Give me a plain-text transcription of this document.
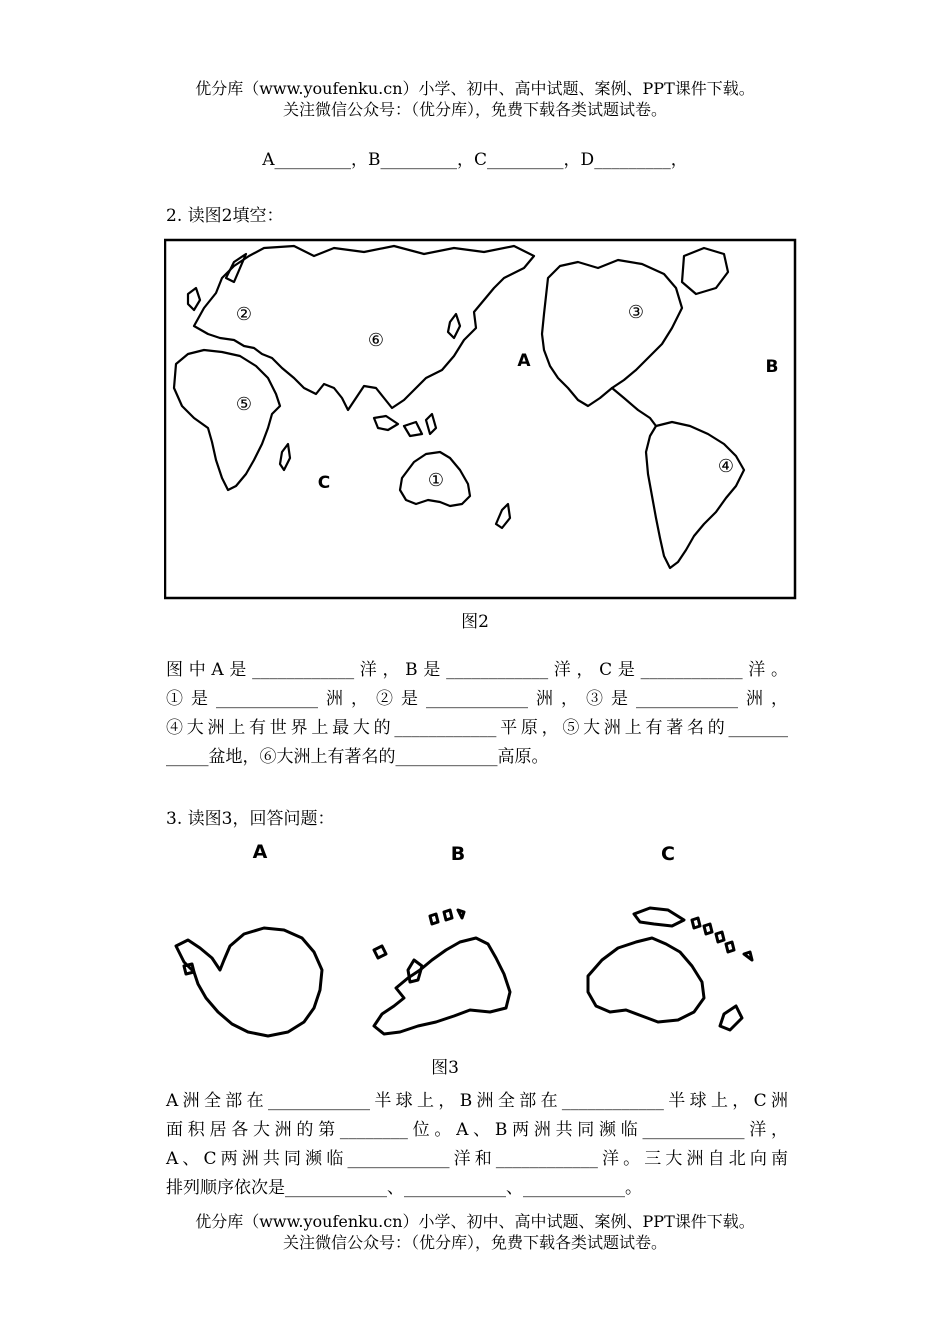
优分库（www.youfenku.cn）小学、初中、高中试题、案例、PPT课件下载。
关注微信公众号：（优分库），免费下载各类试题试卷。
A_________，B_________，C_________，D_________，
2. 读图2填空：
A	B
C	①
②	③
④
⑤
⑥
图2
图中A是____________洋，B是____________洋，C是____________洋。
①是____________洲，②是____________洲，③是____________洲，
④大洲上有世界上最大的____________平原，⑤大洲上有著名的_______
_____盆地，⑥大洲上有著名的____________高原。
3. 读图3，回答问题：
A	B	C
图3
A洲全部在____________半球上，B洲全部在____________半球上，C洲
面积居各大洲的第________位。A、B两洲共同濒临____________洋，
A、C两洲共同濒临____________洋和____________洋。三大洲自北向南
排列顺序依次是____________、____________、____________。
优分库（www.youfenku.cn）小学、初中、高中试题、案例、PPT课件下载。
关注微信公众号：（优分库），免费下载各类试题试卷。
